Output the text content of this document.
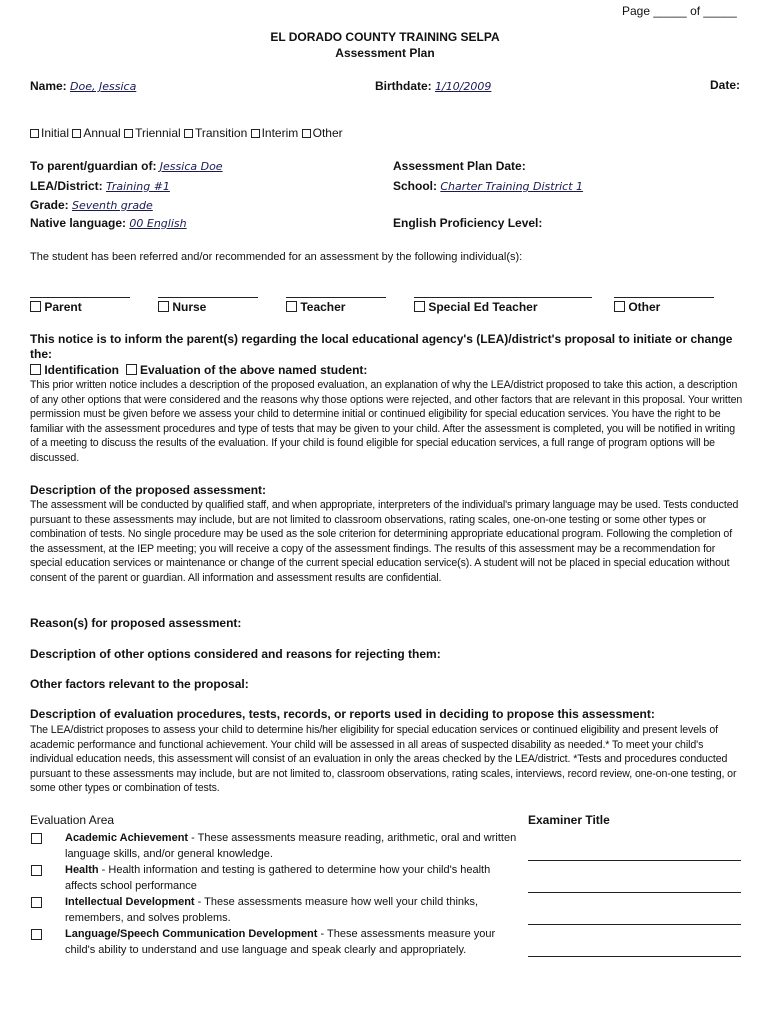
Page _____ of _____
EL DORADO COUNTY TRAINING SELPA
Assessment Plan
Name: Doe, Jessica	Birthdate: 1/10/2009	Date:
Initial Annual Triennial Transition Interim Other
To parent/guardian of: Jessica Doe
LEA/District: Training #1
Grade: Seventh grade
Native language: 00 English
Assessment Plan Date:
School: Charter Training District 1
English Proficiency Level:
The student has been referred and/or recommended for an assessment by the following individual(s):
Parent	Nurse	Teacher	Special Ed Teacher	Other
This notice is to inform the parent(s) regarding the local educational agency's (LEA)/district's proposal to initiate or change the:
Identification Evaluation of the above named student:
This prior written notice includes a description of the proposed evaluation, an explanation of why the LEA/district proposed to take this action, a description of any other options that were considered and the reasons why those options were rejected, and other factors that are relevant in this proposal. Your written permission must be given before we assess your child to determine initial or continued eligibility for special education services. You have the right to be familiar with the assessment procedures and type of tests that may be given to your child. After the assessment is completed, you will be notified in writing of a meeting to discuss the results of the evaluation. If your child is found eligible for special education services, a full range of program options will be discussed.
Description of the proposed assessment:
The assessment will be conducted by qualified staff, and when appropriate, interpreters of the individual's primary language may be used. Tests conducted pursuant to these assessments may include, but are not limited to classroom observations, rating scales, one-on-one testing or some other types or combination of tests. No single procedure may be used as the sole criterion for determining appropriate educational program. Following the completion of the assessment, at the IEP meeting; you will receive a copy of the assessment findings. The results of this assessment may be a recommendation for special education services or maintenance or change of the current special education service(s). A student will not be placed in special education without consent of the parent or guardian. All information and assessment results are confidential.
Reason(s) for proposed assessment:
Description of other options considered and reasons for rejecting them:
Other factors relevant to the proposal:
Description of evaluation procedures, tests, records, or reports used in deciding to propose this assessment:
The LEA/district proposes to assess your child to determine his/her eligibility for special education services or continued eligibility and present levels of academic performance and functional achievement. Your child will be assessed in all areas of suspected disability as needed.* To meet your child's individual education needs, this assessment will consist of an evaluation in only the areas checked by the LEA/district. *Tests and procedures conducted pursuant to these assessments may include, but are not limited to, classroom observations, rating scales, interviews, record review, one-on-one testing, or some other types or combination of tests.
Evaluation Area	Examiner Title
Academic Achievement - These assessments measure reading, arithmetic, oral and written language skills, and/or general knowledge.
Health - Health information and testing is gathered to determine how your child's health affects school performance
Intellectual Development - These assessments measure how well your child thinks, remembers, and solves problems.
Language/Speech Communication Development - These assessments measure your child's ability to understand and use language and speak clearly and appropriately.
